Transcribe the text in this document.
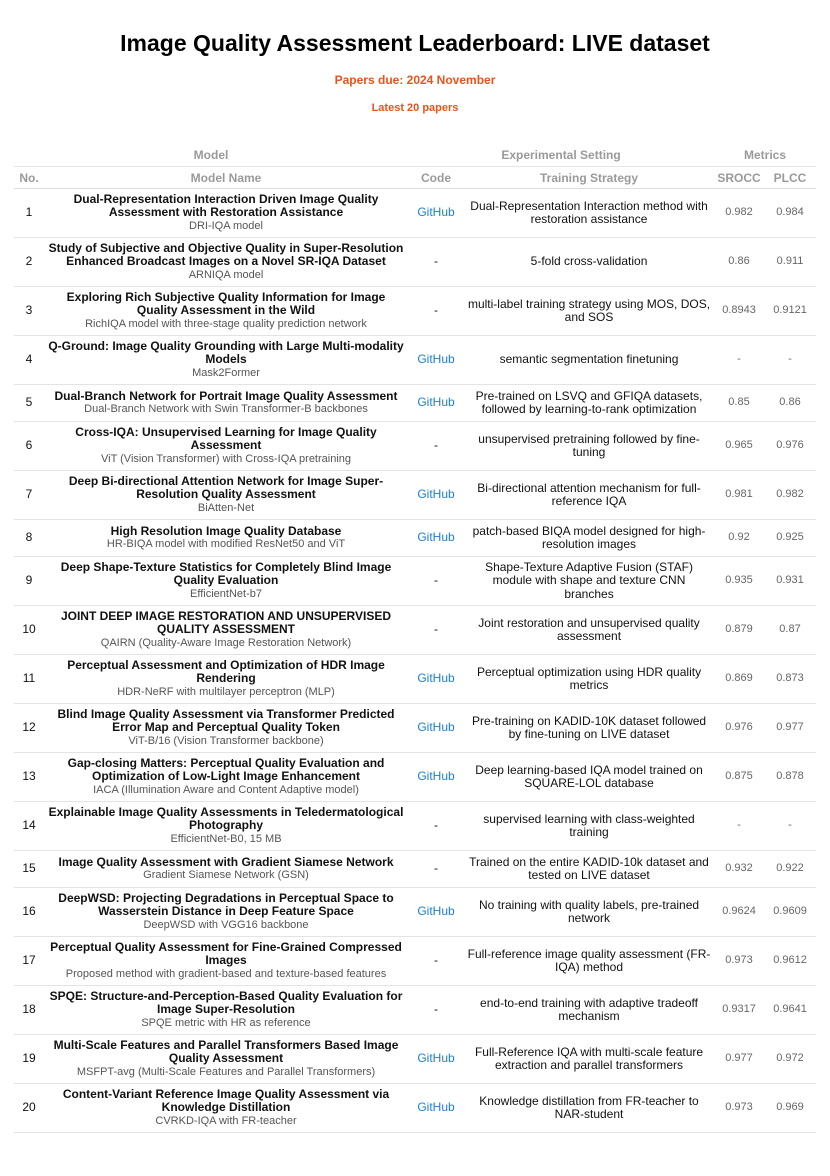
Image Quality Assessment Leaderboard: LIVE dataset
Papers due: 2024 November
Latest 20 papers
Model		Experimental Setting		Metrics	
No.	Model Name	Code	Training Strategy	SROCC	PLCC
1	Dual-Representation Interaction Driven Image Quality Assessment with Restoration Assistance
DRI-IQA model	GitHub	Dual-Representation Interaction method with restoration assistance	0.982	0.984
2	Study of Subjective and Objective Quality in Super-Resolution Enhanced Broadcast Images on a Novel SR-IQA Dataset
ARNIQA model	-	5-fold cross-validation	0.86	0.911
3	Exploring Rich Subjective Quality Information for Image Quality Assessment in the Wild
RichIQA model with three-stage quality prediction network	-	multi-label training strategy using MOS, DOS, and SOS	0.8943	0.9121
4	Q-Ground: Image Quality Grounding with Large Multi-modality Models
Mask2Former	GitHub	semantic segmentation finetuning	-	-
5	Dual-Branch Network for Portrait Image Quality Assessment
Dual-Branch Network with Swin Transformer-B backbones	GitHub	Pre-trained on LSVQ and GFIQA datasets, followed by learning-to-rank optimization	0.85	0.86
6	Cross-IQA: Unsupervised Learning for Image Quality Assessment
ViT (Vision Transformer) with Cross-IQA pretraining	-	unsupervised pretraining followed by fine-tuning	0.965	0.976
7	Deep Bi-directional Attention Network for Image Super-Resolution Quality Assessment
BiAtten-Net	GitHub	Bi-directional attention mechanism for full-reference IQA	0.981	0.982
8	High Resolution Image Quality Database
HR-BIQA model with modified ResNet50 and ViT	GitHub	patch-based BIQA model designed for high-resolution images	0.92	0.925
9	Deep Shape-Texture Statistics for Completely Blind Image Quality Evaluation
EfficientNet-b7	-	Shape-Texture Adaptive Fusion (STAF) module with shape and texture CNN branches	0.935	0.931
10	JOINT DEEP IMAGE RESTORATION AND UNSUPERVISED QUALITY ASSESSMENT
QAIRN (Quality-Aware Image Restoration Network)	-	Joint restoration and unsupervised quality assessment	0.879	0.87
11	Perceptual Assessment and Optimization of HDR Image Rendering
HDR-NeRF with multilayer perceptron (MLP)	GitHub	Perceptual optimization using HDR quality metrics	0.869	0.873
12	Blind Image Quality Assessment via Transformer Predicted Error Map and Perceptual Quality Token
ViT-B/16 (Vision Transformer backbone)	GitHub	Pre-training on KADID-10K dataset followed by fine-tuning on LIVE dataset	0.976	0.977
13	Gap-closing Matters: Perceptual Quality Evaluation and Optimization of Low-Light Image Enhancement
IACA (Illumination Aware and Content Adaptive model)	GitHub	Deep learning-based IQA model trained on SQUARE-LOL database	0.875	0.878
14	Explainable Image Quality Assessments in Teledermatological Photography
EfficientNet-B0, 15 MB	-	supervised learning with class-weighted training	-	-
15	Image Quality Assessment with Gradient Siamese Network
Gradient Siamese Network (GSN)	-	Trained on the entire KADID-10k dataset and tested on LIVE dataset	0.932	0.922
16	DeepWSD: Projecting Degradations in Perceptual Space to Wasserstein Distance in Deep Feature Space
DeepWSD with VGG16 backbone	GitHub	No training with quality labels, pre-trained network	0.9624	0.9609
17	Perceptual Quality Assessment for Fine-Grained Compressed Images
Proposed method with gradient-based and texture-based features	-	Full-reference image quality assessment (FR-IQA) method	0.973	0.9612
18	SPQE: Structure-and-Perception-Based Quality Evaluation for Image Super-Resolution
SPQE metric with HR as reference	-	end-to-end training with adaptive tradeoff mechanism	0.9317	0.9641
19	Multi-Scale Features and Parallel Transformers Based Image Quality Assessment
MSFPT-avg (Multi-Scale Features and Parallel Transformers)	GitHub	Full-Reference IQA with multi-scale feature extraction and parallel transformers	0.977	0.972
20	Content-Variant Reference Image Quality Assessment via Knowledge Distillation
CVRKD-IQA with FR-teacher	GitHub	Knowledge distillation from FR-teacher to NAR-student	0.973	0.969
